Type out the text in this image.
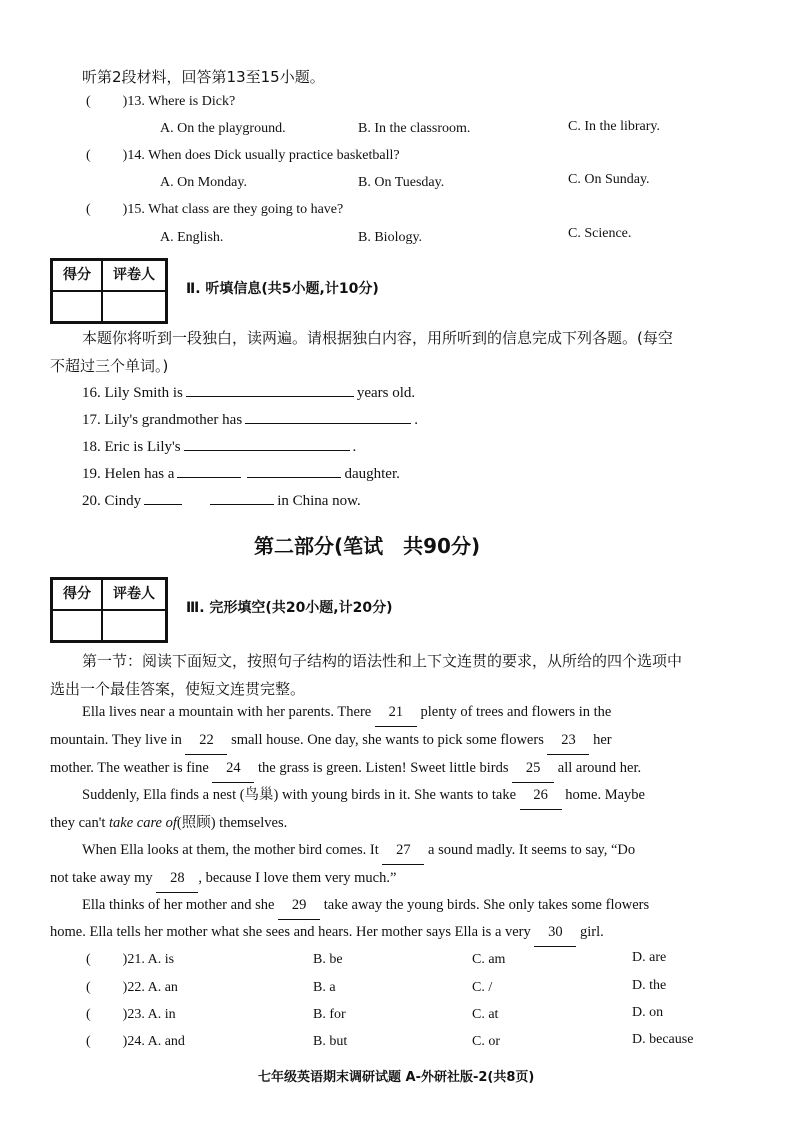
听第2段材料，回答第13至15小题。
( )13. Where is Dick?
A. On the playground.	B. In the classroom.	C. In the library.
( )14. When does Dick usually practice basketball?
A. On Monday.	B. On Tuesday.	C. On Sunday.
( )15. What class are they going to have?
A. English.	B. Biology.	C. Science.
得分	评卷人
Ⅱ. 听填信息(共5小题,计10分)
本题你将听到一段独白，读两遍。请根据独白内容，用所听到的信息完成下列各题。(每空
不超过三个单词。)
16. Lily Smith is	years old.
17. Lily's grandmother has	.
18. Eric is Lily's	.
19. Helen has a	daughter.
20. Cindy	in China now.
第二部分(笔试　共90分)
得分	评卷人
Ⅲ. 完形填空(共20小题,计20分)
第一节：阅读下面短文，按照句子结构的语法性和上下文连贯的要求，从所给的四个选项中
选出一个最佳答案，使短文连贯完整。
Ella lives near a mountain with her parents. There 21 plenty of trees and flowers in the
mountain. They live in 22 small house. One day, she wants to pick some flowers 23 her
mother. The weather is fine 24 the grass is green. Listen! Sweet little birds 25 all around her.
Suddenly, Ella finds a nest (鸟巢) with young birds in it. She wants to take 26 home. Maybe
they can't take care of(照顾) themselves.
When Ella looks at them, the mother bird comes. It 27 a sound madly. It seems to say, “Do
not take away my 28 , because I love them very much.”
Ella thinks of her mother and she 29 take away the young birds. She only takes some flowers
home. Ella tells her mother what she sees and hears. Her mother says Ella is a very 30 girl.
( )21. A. is	B. be	C. am	D. are
( )22. A. an	B. a	C. /	D. the
( )23. A. in	B. for	C. at	D. on
( )24. A. and	B. but	C. or	D. because
七年级英语期末调研试题 A-外研社版-2(共8页)
